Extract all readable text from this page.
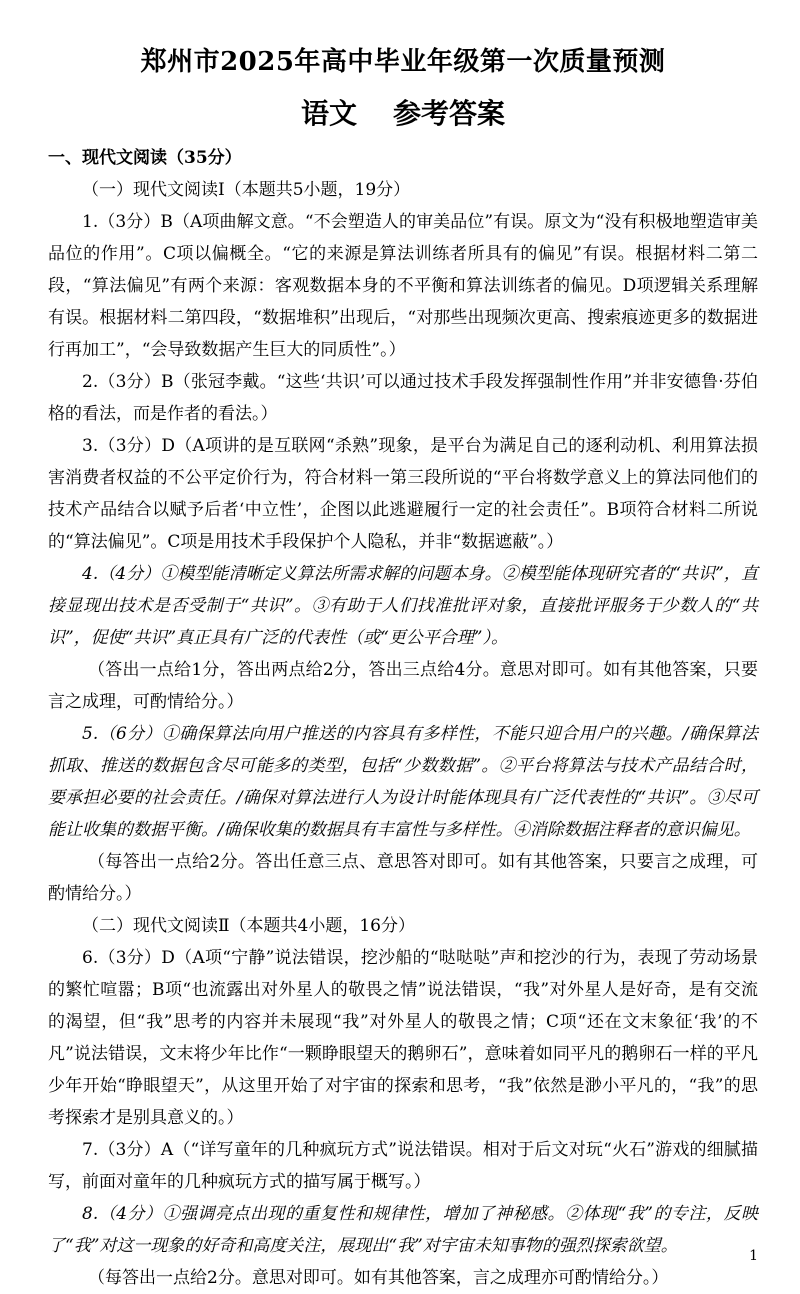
郑州市2025年高中毕业年级第一次质量预测
语文 参考答案
一、现代文阅读（35分）
（一）现代文阅读Ⅰ（本题共5小题，19分）

1.（3分）B（A项曲解文意。“不会塑造人的审美品位”有误。原文为“没有积极地塑造审美品位的作用”。C项以偏概全。“它的来源是算法训练者所具有的偏见”有误。根据材料二第二段，“算法偏见”有两个来源：客观数据本身的不平衡和算法训练者的偏见。D项逻辑关系理解有误。根据材料二第四段，“数据堆积”出现后，“对那些出现频次更高、搜索痕迹更多的数据进行再加工”，“会导致数据产生巨大的同质性”。）

2.（3分）B（张冠李戴。“这些‘共识’可以通过技术手段发挥强制性作用”并非安德鲁·芬伯格的看法，而是作者的看法。）

3.（3分）D（A项讲的是互联网“杀熟”现象，是平台为满足自己的逐利动机、利用算法损害消费者权益的不公平定价行为，符合材料一第三段所说的“平台将数学意义上的算法同他们的技术产品结合以赋予后者‘中立性’，企图以此逃避履行一定的社会责任”。B项符合材料二所说的“算法偏见”。C项是用技术手段保护个人隐私，并非“数据遮蔽”。）

4.（4分）①模型能清晰定义算法所需求解的问题本身。②模型能体现研究者的“共识”，直接显现出技术是否受制于“共识”。③有助于人们找准批评对象，直接批评服务于少数人的“共识”，促使“共识”真正具有广泛的代表性（或“更公平合理”）。

（答出一点给1分，答出两点给2分，答出三点给4分。意思对即可。如有其他答案，只要言之成理，可酌情给分。）

5.（6分）①确保算法向用户推送的内容具有多样性，不能只迎合用户的兴趣。/确保算法抓取、推送的数据包含尽可能多的类型，包括“少数数据”。②平台将算法与技术产品结合时，要承担必要的社会责任。/确保对算法进行人为设计时能体现具有广泛代表性的“共识”。③尽可能让收集的数据平衡。/确保收集的数据具有丰富性与多样性。④消除数据注释者的意识偏见。

（每答出一点给2分。答出任意三点、意思答对即可。如有其他答案，只要言之成理，可酌情给分。）

（二）现代文阅读Ⅱ（本题共4小题，16分）

6.（3分）D（A项“宁静”说法错误，挖沙船的“哒哒哒”声和挖沙的行为，表现了劳动场景的繁忙喧嚣；B项“也流露出对外星人的敬畏之情”说法错误，“我”对外星人是好奇，是有交流的渴望，但“我”思考的内容并未展现“我”对外星人的敬畏之情；C项“还在文末象征‘我’的不凡”说法错误，文末将少年比作“一颗睁眼望天的鹅卵石”，意味着如同平凡的鹅卵石一样的平凡少年开始“睁眼望天”，从这里开始了对宇宙的探索和思考，“我”依然是渺小平凡的，“我”的思考探索才是别具意义的。）

7.（3分）A（“详写童年的几种疯玩方式”说法错误。相对于后文对玩“火石”游戏的细腻描写，前面对童年的几种疯玩方式的描写属于概写。）

8.（4分）①强调亮点出现的重复性和规律性，增加了神秘感。②体现“我”的专注，反映了“我”对这一现象的好奇和高度关注，展现出“我”对宇宙未知事物的强烈探索欲望。

（每答出一点给2分。意思对即可。如有其他答案，言之成理亦可酌情给分。）

1
